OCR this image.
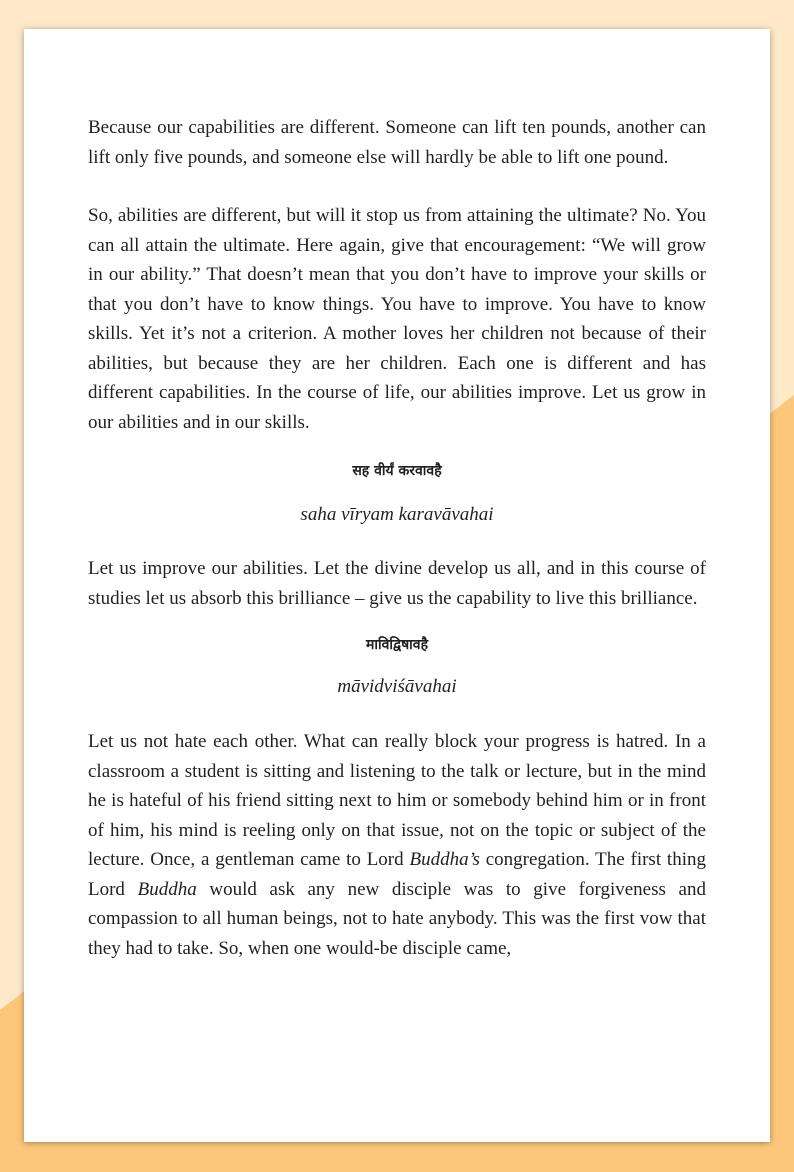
Because our capabilities are different. Someone can lift ten pounds, another can lift only five pounds, and someone else will hardly be able to lift one pound.

So, abilities are different, but will it stop us from attaining the ultimate? No. You can all attain the ultimate. Here again, give that encouragement: “We will grow in our ability.” That doesn’t mean that you don’t have to improve your skills or that you don’t have to know things. You have to improve. You have to know skills. Yet it’s not a criterion. A mother loves her children not because of their abilities, but because they are her children. Each one is different and has different capabilities. In the course of life, our abilities improve. Let us grow in our abilities and in our skills.

सह वीर्यं करवावहै

saha vīryam karavāvahai

Let us improve our abilities. Let the divine develop us all, and in this course of studies let us absorb this brilliance – give us the capability to live this brilliance.

माविद्विषावहै

māvidviśāvahai

Let us not hate each other. What can really block your progress is hatred. In a classroom a student is sitting and listening to the talk or lecture, but in the mind he is hateful of his friend sitting next to him or somebody behind him or in front of him, his mind is reeling only on that issue, not on the topic or subject of the lecture. Once, a gentleman came to Lord Buddha’s congregation. The first thing Lord Buddha would ask any new disciple was to give forgiveness and compassion to all human beings, not to hate anybody. This was the first vow that they had to take. So, when one would-be disciple came,
